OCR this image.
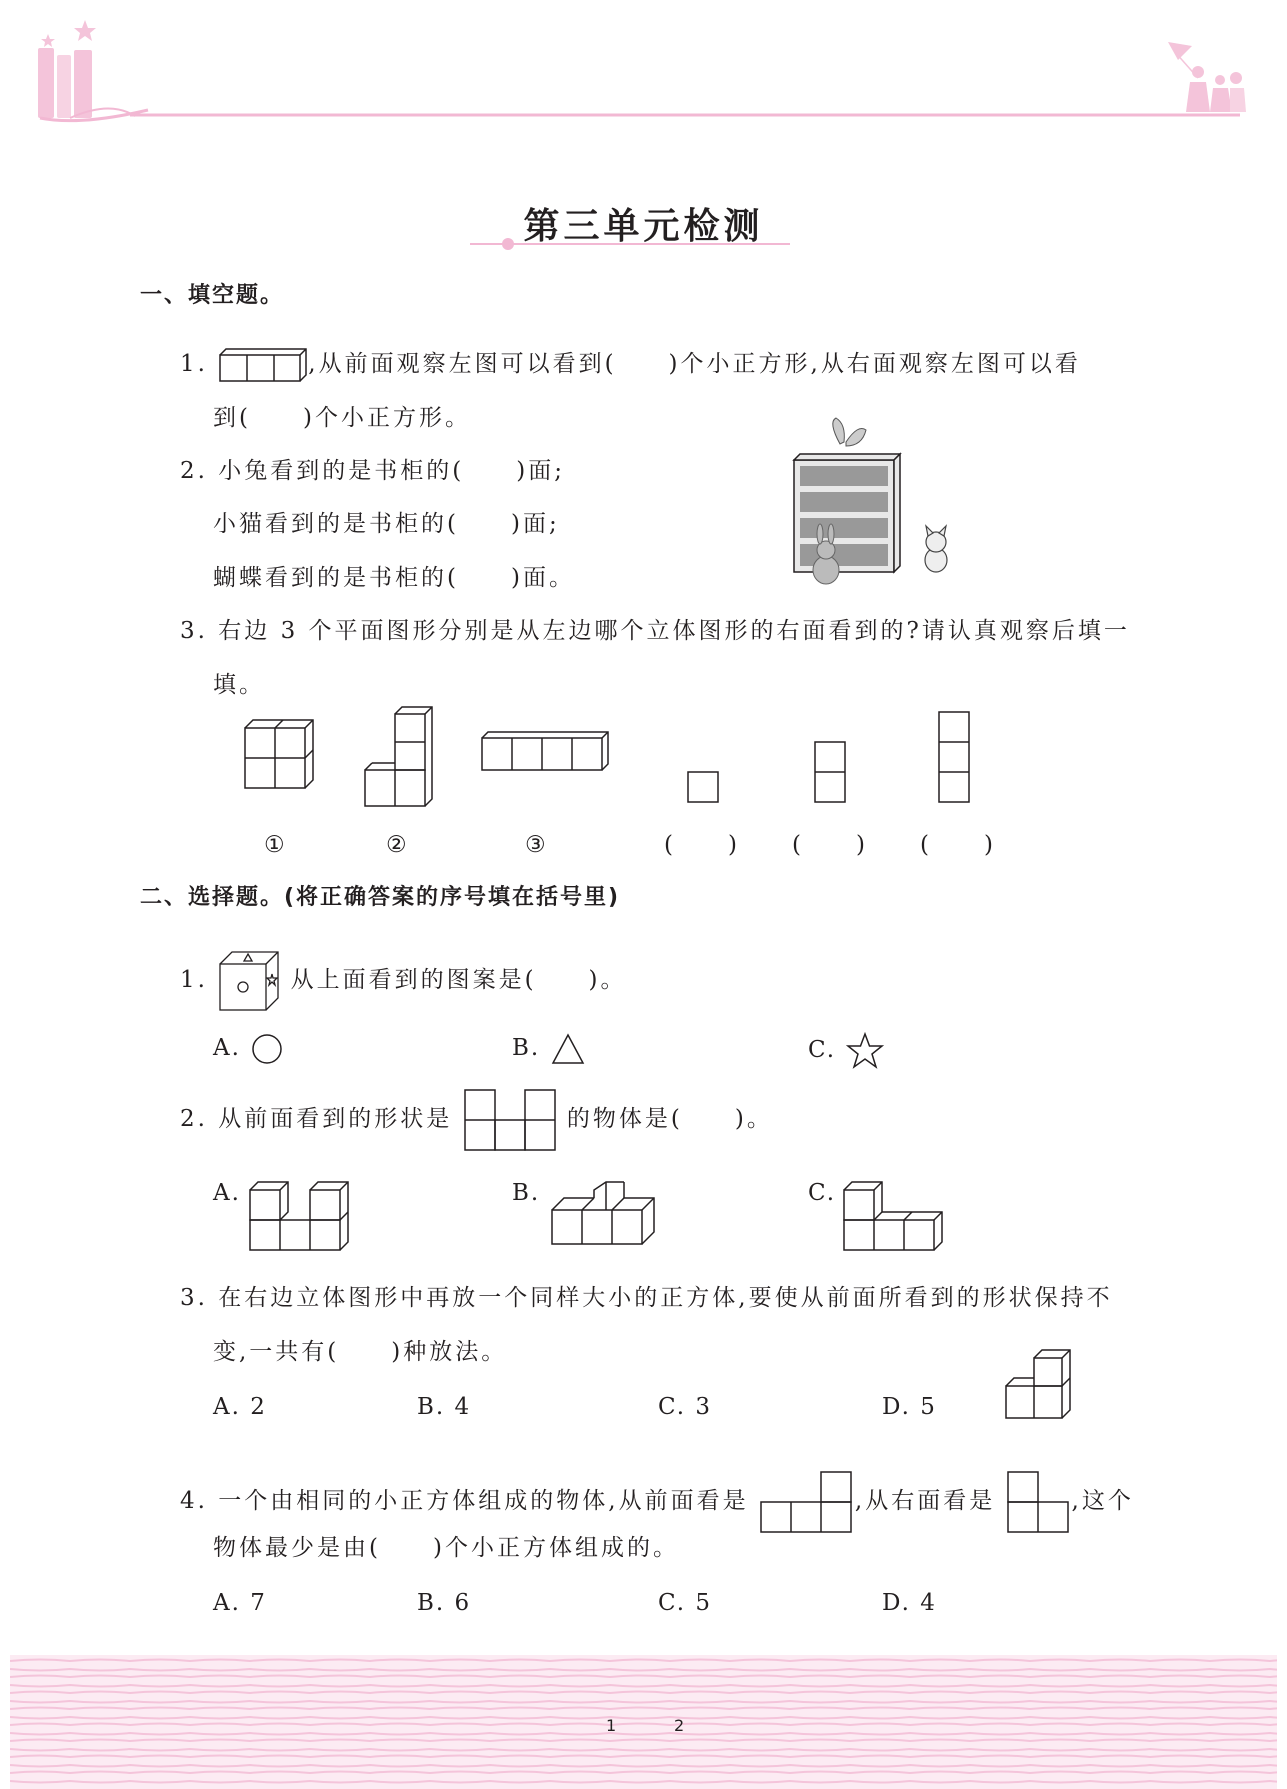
第三单元检测
一、填空题。
1.	,从前面观察左图可以看到(　　)个小正方形,从右面观察左图可以看
到(　　)个小正方形。
2. 小兔看到的是书柜的(　　)面;
小猫看到的是书柜的(　　)面;
蝴蝶看到的是书柜的(　　)面。
3. 右边 3 个平面图形分别是从左边哪个立体图形的右面看到的?请认真观察后填一
填。
①	②	③	(　　) (　　) (　　)
二、选择题。(将正确答案的序号填在括号里)
1.	从上面看到的图案是(　　)。
A.	B.	C.
2. 从前面看到的形状是	的物体是(　　)。
A.	B.	C.
3. 在右边立体图形中再放一个同样大小的正方体,要使从前面所看到的形状保持不
变,一共有(　　)种放法。
A. 2	B. 4	C. 3	D. 5
4. 一个由相同的小正方体组成的物体,从前面看是	,从右面看是	,这个
物体最少是由(　　)个小正方体组成的。
A. 7	B. 6	C. 5	D. 4
1	2
